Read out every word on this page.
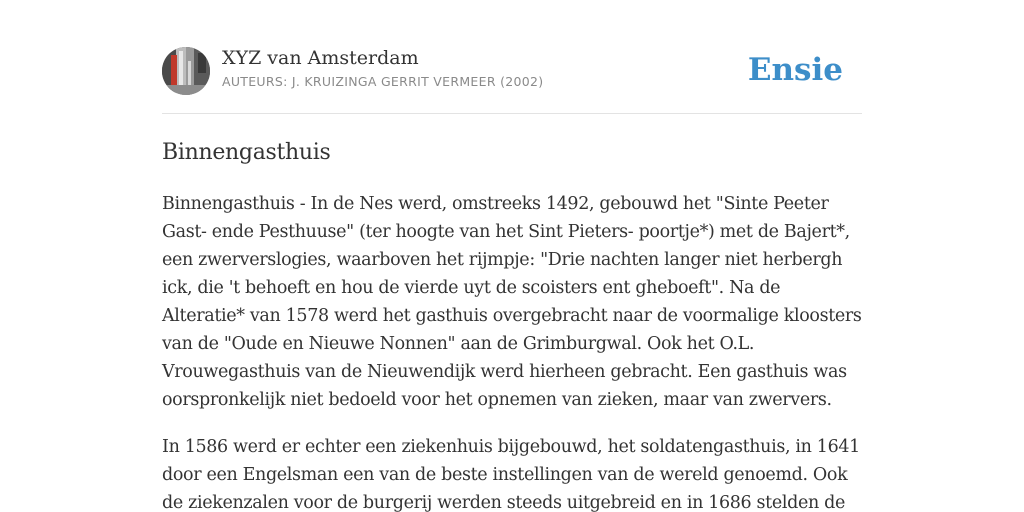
XYZ van Amsterdam
AUTEURS: J. KRUIZINGA GERRIT VERMEER (2002)	Ensie
Binnengasthuis

Binnengasthuis - In de Nes werd, omstreeks 1492, gebouwd het "Sinte Peeter
Gast- ende Pesthuuse" (ter hoogte van het Sint Pieters- poortje*) met de Bajert*,
een zwerverslogies, waarboven het rijmpje: "Drie nachten langer niet herbergh
ick, die 't behoeft en hou de vierde uyt de scoisters ent gheboeft". Na de
Alteratie* van 1578 werd het gasthuis overgebracht naar de voormalige kloosters
van de "Oude en Nieuwe Nonnen" aan de Grimburgwal. Ook het O.L.
Vrouwegasthuis van de Nieuwendijk werd hierheen gebracht. Een gasthuis was
oorspronkelijk niet bedoeld voor het opnemen van zieken, maar van zwervers.

In 1586 werd er echter een ziekenhuis bijgebouwd, het soldatengasthuis, in 1641
door een Engelsman een van de beste instellingen van de wereld genoemd. Ook
de ziekenzalen voor de burgerij werden steeds uitgebreid en in 1686 stelden de
